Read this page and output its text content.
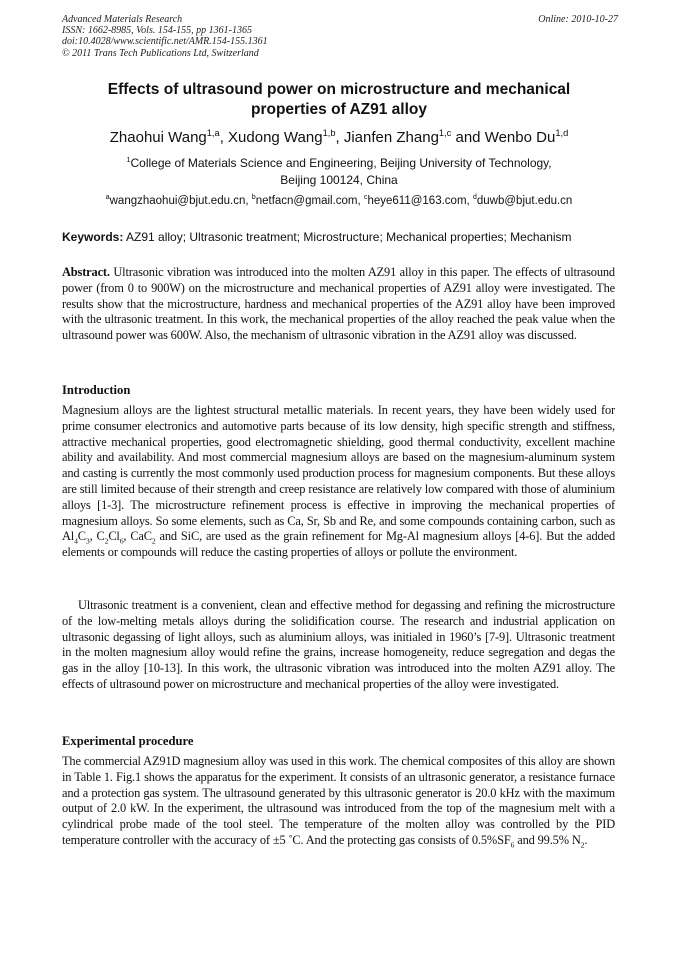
Advanced Materials Research
ISSN: 1662-8985, Vols. 154-155, pp 1361-1365
doi:10.4028/www.scientific.net/AMR.154-155.1361
© 2011 Trans Tech Publications Ltd, Switzerland
Online: 2010-10-27
Effects of ultrasound power on microstructure and mechanical
properties of AZ91 alloy
Zhaohui Wang$^{1,a}$, Xudong Wang$^{1,b}$, Jianfen Zhang$^{1,c}$ and Wenbo Du$^{1,d}$
$^1$College of Materials Science and Engineering, Beijing University of Technology,
Beijing 100124, China
$^a$wangzhaohui@bjut.edu.cn, $^b$netfacn@gmail.com, $^c$heye611@163.com, $^d$duwb@bjut.edu.cn
Keywords: AZ91 alloy; Ultrasonic treatment; Microstructure; Mechanical properties; Mechanism

Abstract. Ultrasonic vibration was introduced into the molten AZ91 alloy in this paper. The effects of ultrasound power (from 0 to 900W) on the microstructure and mechanical properties of AZ91 alloy were investigated. The results show that the microstructure, hardness and mechanical properties of the AZ91 alloy have been improved with the ultrasonic treatment. In this work, the mechanical properties of the alloy reached the peak value when the ultrasound power was 600W. Also, the mechanism of ultrasonic vibration in the AZ91 alloy was discussed.

Introduction

Magnesium alloys are the lightest structural metallic materials. In recent years, they have been widely used for prime consumer electronics and automotive parts because of its low density, high specific strength and stiffness, attractive mechanical properties, good electromagnetic shielding, good thermal conductivity, excellent machine ability and availability. And most commercial magnesium alloys are based on the magnesium-aluminum system and casting is currently the most commonly used production process for magnesium components. But these alloys are still limited because of their strength and creep resistance are relatively low compared with those of aluminium alloys [1-3]. The microstructure refinement process is effective in improving the mechanical properties of magnesium alloys. So some elements, such as Ca, Sr, Sb and Re, and some compounds containing carbon, such as $Al_4C_3$, $C_2Cl_6$, CaC$_2$ and SiC, are used as the grain refinement for Mg-Al magnesium alloys [4-6]. But the added elements or compounds will reduce the casting properties of alloys or pollute the environment.

Ultrasonic treatment is a convenient, clean and effective method for degassing and refining the microstructure of the low-melting metals alloys during the solidification course. The research and industrial application on ultrasonic degassing of light alloys, such as aluminium alloys, was initialed in 1960’s [7-9]. Ultrasonic treatment in the molten magnesium alloy would refine the grains, increase homogeneity, reduce segregation and degas the gas in the alloy [10-13]. In this work, the ultrasonic vibration was introduced into the molten AZ91 alloy. The effects of ultrasound power on microstructure and mechanical properties of the alloy were investigated.

Experimental procedure

The commercial AZ91D magnesium alloy was used in this work. The chemical composites of this alloy are shown in Table 1. Fig.1 shows the apparatus for the experiment. It consists of an ultrasonic generator, a resistance furnace and a protection gas system. The ultrasound generated by this ultrasonic generator is 20.0 kHz with the maximum output of 2.0 kW. In the experiment, the ultrasound was introduced from the top of the magnesium melt with a cylindrical probe made of the tool steel. The temperature of the molten alloy was controlled by the PID temperature controller with the accuracy of ±5 ˚C. And the protecting gas consists of $0.5\%SF_6$ and 99.5% $N_2$.
